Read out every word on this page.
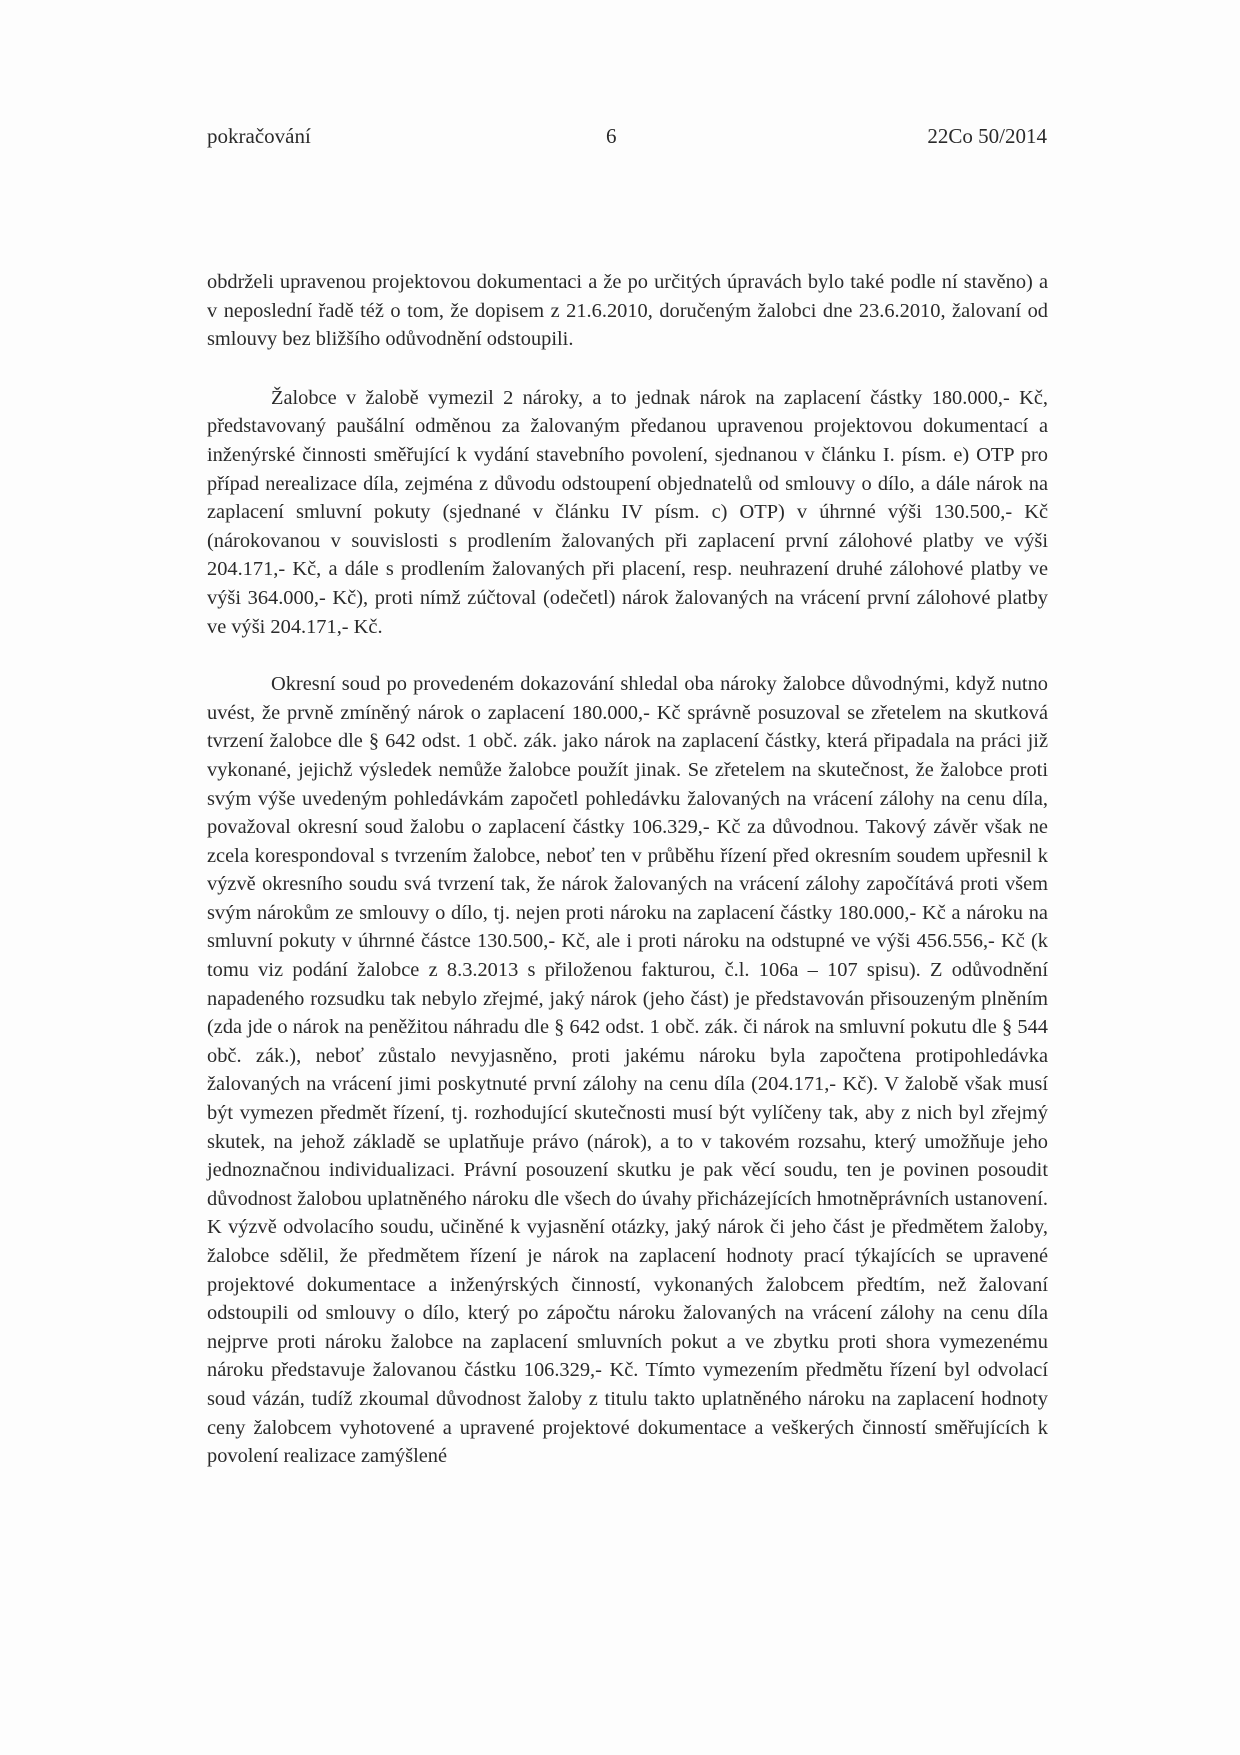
pokračování	6	22Co 50/2014

obdrželi upravenou projektovou dokumentaci a že po určitých úpravách bylo také podle ní stavěno) a v neposlední řadě též o tom, že dopisem z 21.6.2010, doručeným žalobci dne 23.6.2010, žalovaní od smlouvy bez bližšího odůvodnění odstoupili.

Žalobce v žalobě vymezil 2 nároky, a to jednak nárok na zaplacení částky 180.000,- Kč, představovaný paušální odměnou za žalovaným předanou upravenou projektovou dokumentací a inženýrské činnosti směřující k vydání stavebního povolení, sjednanou v článku I. písm. e) OTP pro případ nerealizace díla, zejména z důvodu odstoupení objednatelů od smlouvy o dílo, a dále nárok na zaplacení smluvní pokuty (sjednané v článku IV písm. c) OTP) v úhrnné výši 130.500,- Kč (nárokovanou v souvislosti s prodlením žalovaných při zaplacení první zálohové platby ve výši 204.171,- Kč, a dále s prodlením žalovaných při placení, resp. neuhrazení druhé zálohové platby ve výši 364.000,- Kč), proti nímž zúčtoval (odečetl) nárok žalovaných na vrácení první zálohové platby ve výši 204.171,- Kč.

Okresní soud po provedeném dokazování shledal oba nároky žalobce důvodnými, když nutno uvést, že prvně zmíněný nárok o zaplacení 180.000,- Kč správně posuzoval se zřetelem na skutková tvrzení žalobce dle § 642 odst. 1 obč. zák. jako nárok na zaplacení částky, která připadala na práci již vykonané, jejichž výsledek nemůže žalobce použít jinak. Se zřetelem na skutečnost, že žalobce proti svým výše uvedeným pohledávkám započetl pohledávku žalovaných na vrácení zálohy na cenu díla, považoval okresní soud žalobu o zaplacení částky 106.329,- Kč za důvodnou. Takový závěr však ne zcela korespondoval s tvrzením žalobce, neboť ten v průběhu řízení před okresním soudem upřesnil k výzvě okresního soudu svá tvrzení tak, že nárok žalovaných na vrácení zálohy započítává proti všem svým nárokům ze smlouvy o dílo, tj. nejen proti nároku na zaplacení částky 180.000,- Kč a nároku na smluvní pokuty v úhrnné částce 130.500,- Kč, ale i proti nároku na odstupné ve výši 456.556,- Kč (k tomu viz podání žalobce z 8.3.2013 s přiloženou fakturou, č.l. 106a – 107 spisu). Z odůvodnění napadeného rozsudku tak nebylo zřejmé, jaký nárok (jeho část) je představován přisouzeným plněním (zda jde o nárok na peněžitou náhradu dle § 642 odst. 1 obč. zák. či nárok na smluvní pokutu dle § 544 obč. zák.), neboť zůstalo nevyjasněno, proti jakému nároku byla započtena protipohledávka žalovaných na vrácení jimi poskytnuté první zálohy na cenu díla (204.171,- Kč). V žalobě však musí být vymezen předmět řízení, tj. rozhodující skutečnosti musí být vylíčeny tak, aby z nich byl zřejmý skutek, na jehož základě se uplatňuje právo (nárok), a to v takovém rozsahu, který umožňuje jeho jednoznačnou individualizaci. Právní posouzení skutku je pak věcí soudu, ten je povinen posoudit důvodnost žalobou uplatněného nároku dle všech do úvahy přicházejících hmotněprávních ustanovení. K výzvě odvolacího soudu, učiněné k vyjasnění otázky, jaký nárok či jeho část je předmětem žaloby, žalobce sdělil, že předmětem řízení je nárok na zaplacení hodnoty prací týkajících se upravené projektové dokumentace a inženýrských činností, vykonaných žalobcem předtím, než žalovaní odstoupili od smlouvy o dílo, který po zápočtu nároku žalovaných na vrácení zálohy na cenu díla nejprve proti nároku žalobce na zaplacení smluvních pokut a ve zbytku proti shora vymezenému nároku představuje žalovanou částku 106.329,- Kč. Tímto vymezením předmětu řízení byl odvolací soud vázán, tudíž zkoumal důvodnost žaloby z titulu takto uplatněného nároku na zaplacení hodnoty ceny žalobcem vyhotovené a upravené projektové dokumentace a veškerých činností směřujících k povolení realizace zamýšlené
